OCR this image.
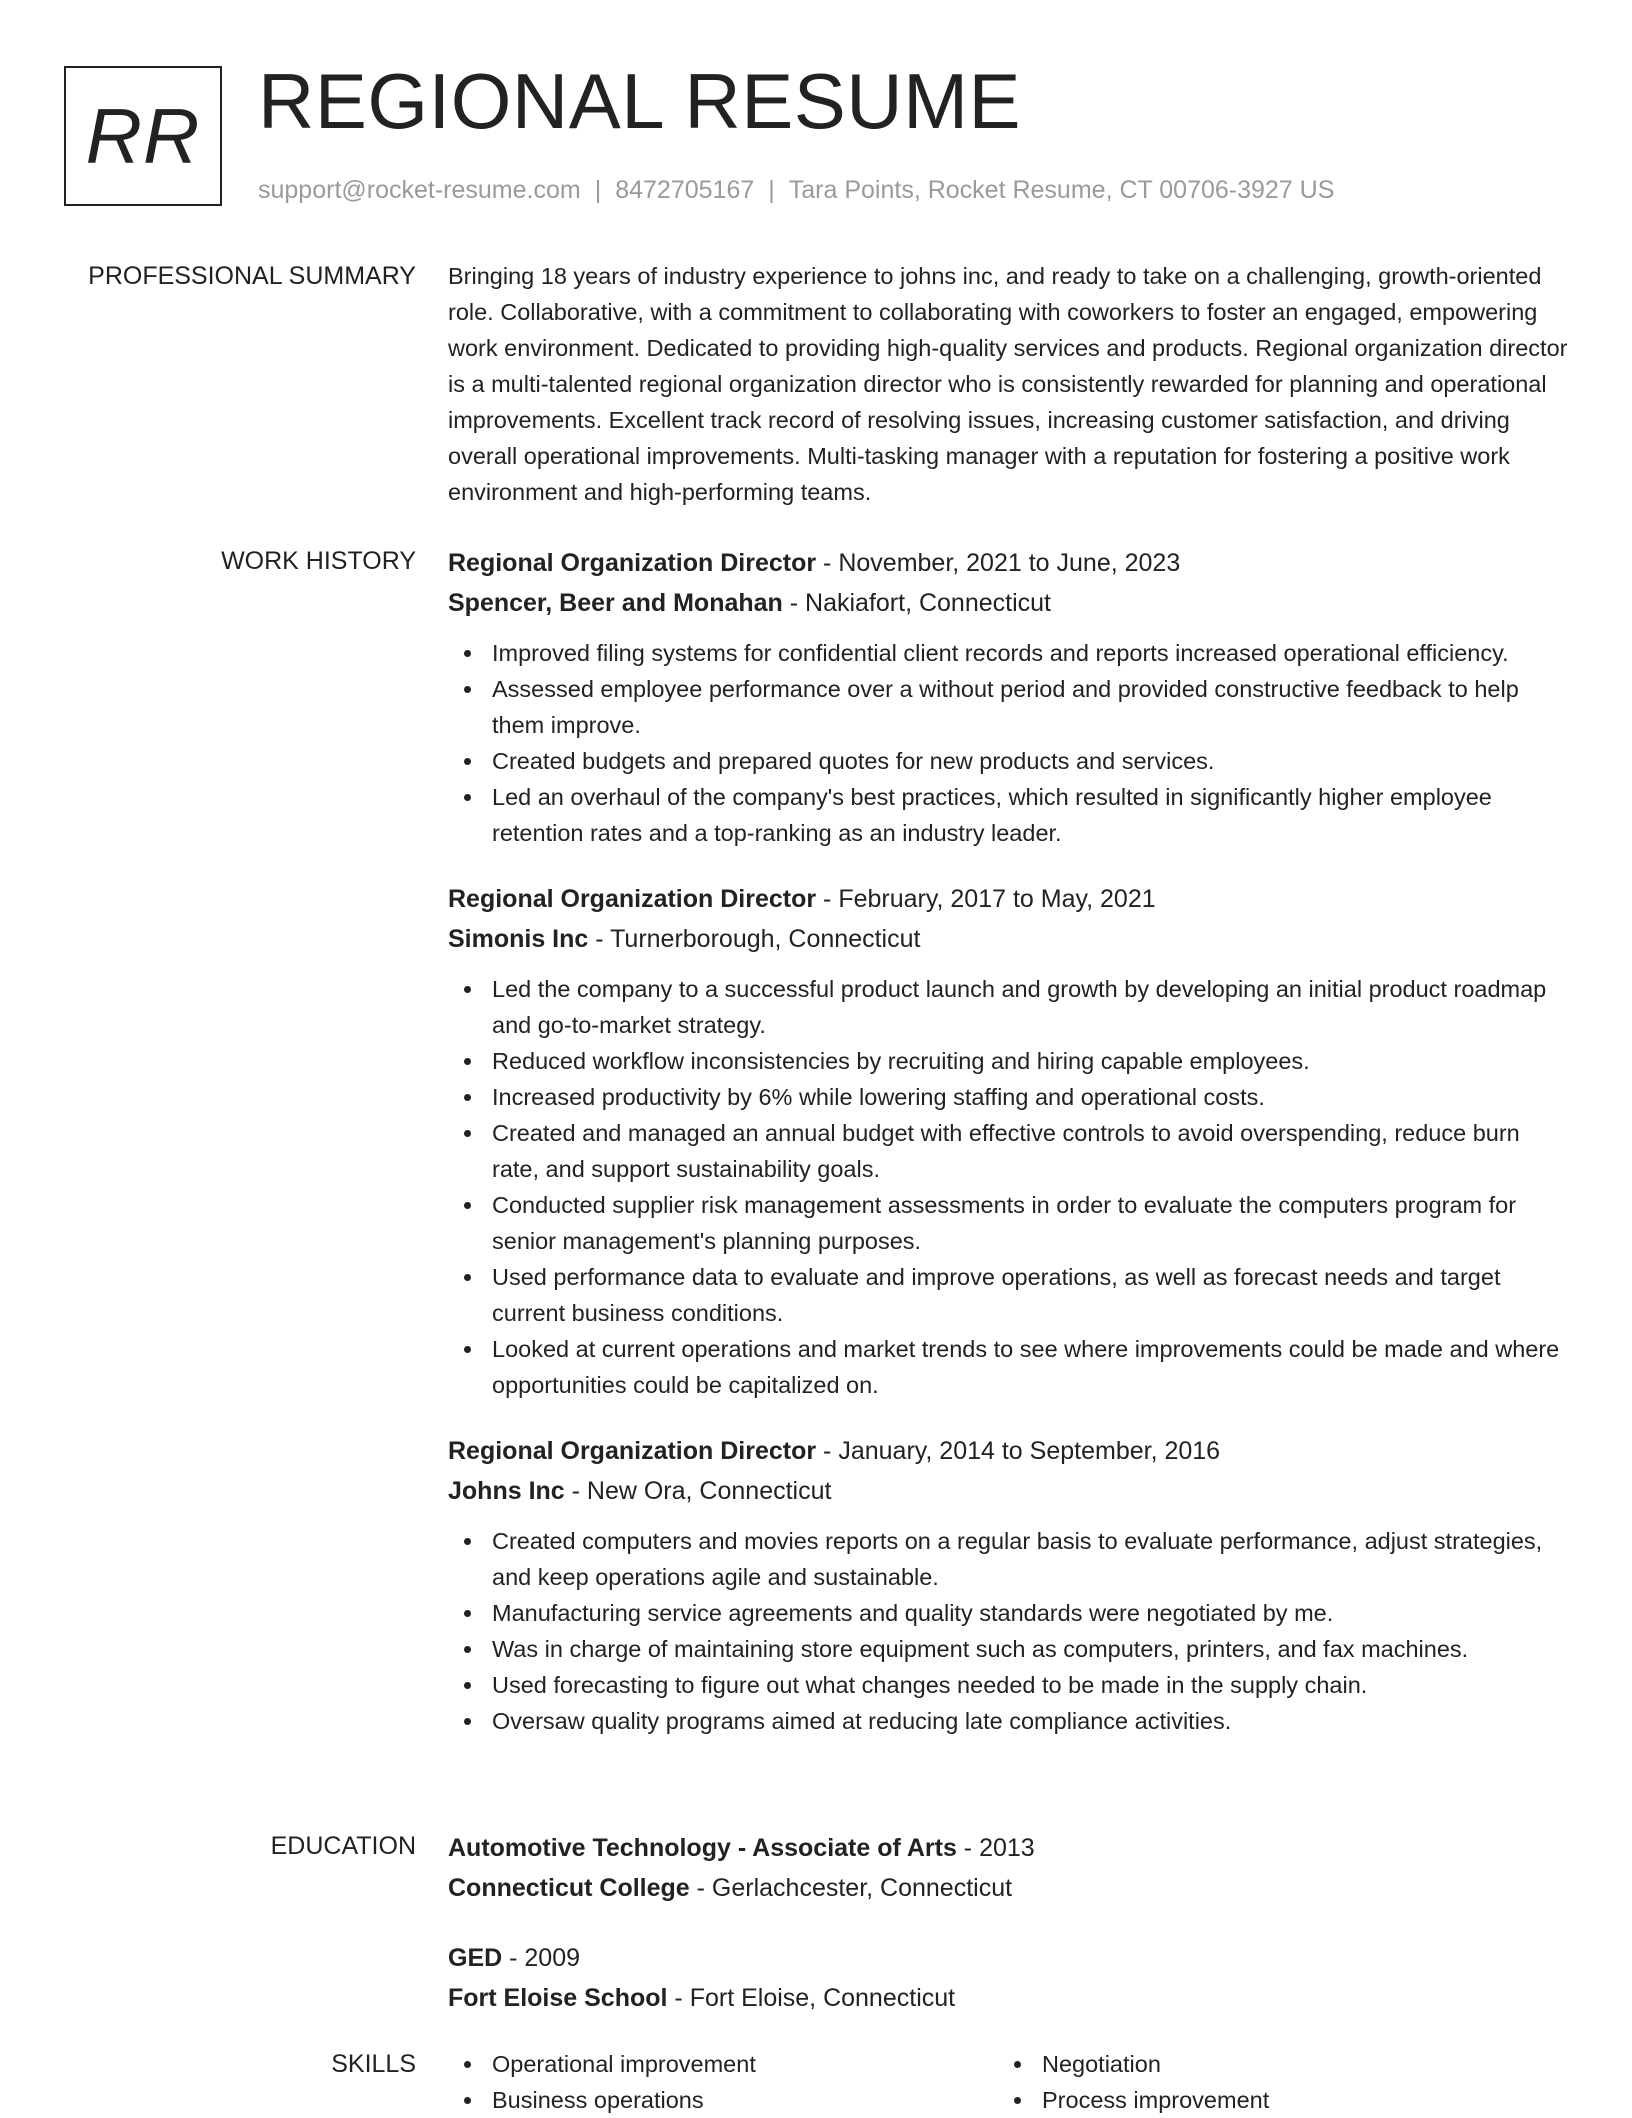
RR REGIONAL RESUME
support@rocket-resume.com | 8472705167 | Tara Points, Rocket Resume, CT 00706-3927 US
PROFESSIONAL SUMMARY Bringing 18 years of industry experience to johns inc, and ready to take on a challenging, growth-oriented role. Collaborative, with a commitment to collaborating with coworkers to foster an engaged, empowering work environment. Dedicated to providing high-quality services and products. Regional organization director is a multi-talented regional organization director who is consistently rewarded for planning and operational improvements. Excellent track record of resolving issues, increasing customer satisfaction, and driving overall operational improvements. Multi-tasking manager with a reputation for fostering a positive work environment and high-performing teams.

WORK HISTORY Regional Organization Director - November, 2021 to June, 2023
Spencer, Beer and Monahan - Nakiafort, Connecticut
Improved filing systems for confidential client records and reports increased operational efficiency.
Assessed employee performance over a without period and provided constructive feedback to help them improve.
Created budgets and prepared quotes for new products and services.
Led an overhaul of the company's best practices, which resulted in significantly higher employee retention rates and a top-ranking as an industry leader.
Regional Organization Director - February, 2017 to May, 2021
Simonis Inc - Turnerborough, Connecticut
Led the company to a successful product launch and growth by developing an initial product roadmap and go-to-market strategy.
Reduced workflow inconsistencies by recruiting and hiring capable employees.
Increased productivity by 6% while lowering staffing and operational costs.
Created and managed an annual budget with effective controls to avoid overspending, reduce burn rate, and support sustainability goals.
Conducted supplier risk management assessments in order to evaluate the computers program for senior management's planning purposes.
Used performance data to evaluate and improve operations, as well as forecast needs and target current business conditions.
Looked at current operations and market trends to see where improvements could be made and where opportunities could be capitalized on.
Regional Organization Director - January, 2014 to September, 2016
Johns Inc - New Ora, Connecticut
Created computers and movies reports on a regular basis to evaluate performance, adjust strategies, and keep operations agile and sustainable.
Manufacturing service agreements and quality standards were negotiated by me.
Was in charge of maintaining store equipment such as computers, printers, and fax machines.
Used forecasting to figure out what changes needed to be made in the supply chain.
Oversaw quality programs aimed at reducing late compliance activities.
EDUCATION Automotive Technology - Associate of Arts - 2013
Connecticut College - Gerlachcester, Connecticut
GED - 2009
Fort Eloise School - Fort Eloise, Connecticut
SKILLS	Operational improvement
Business operations
Negotiation
Process improvement
